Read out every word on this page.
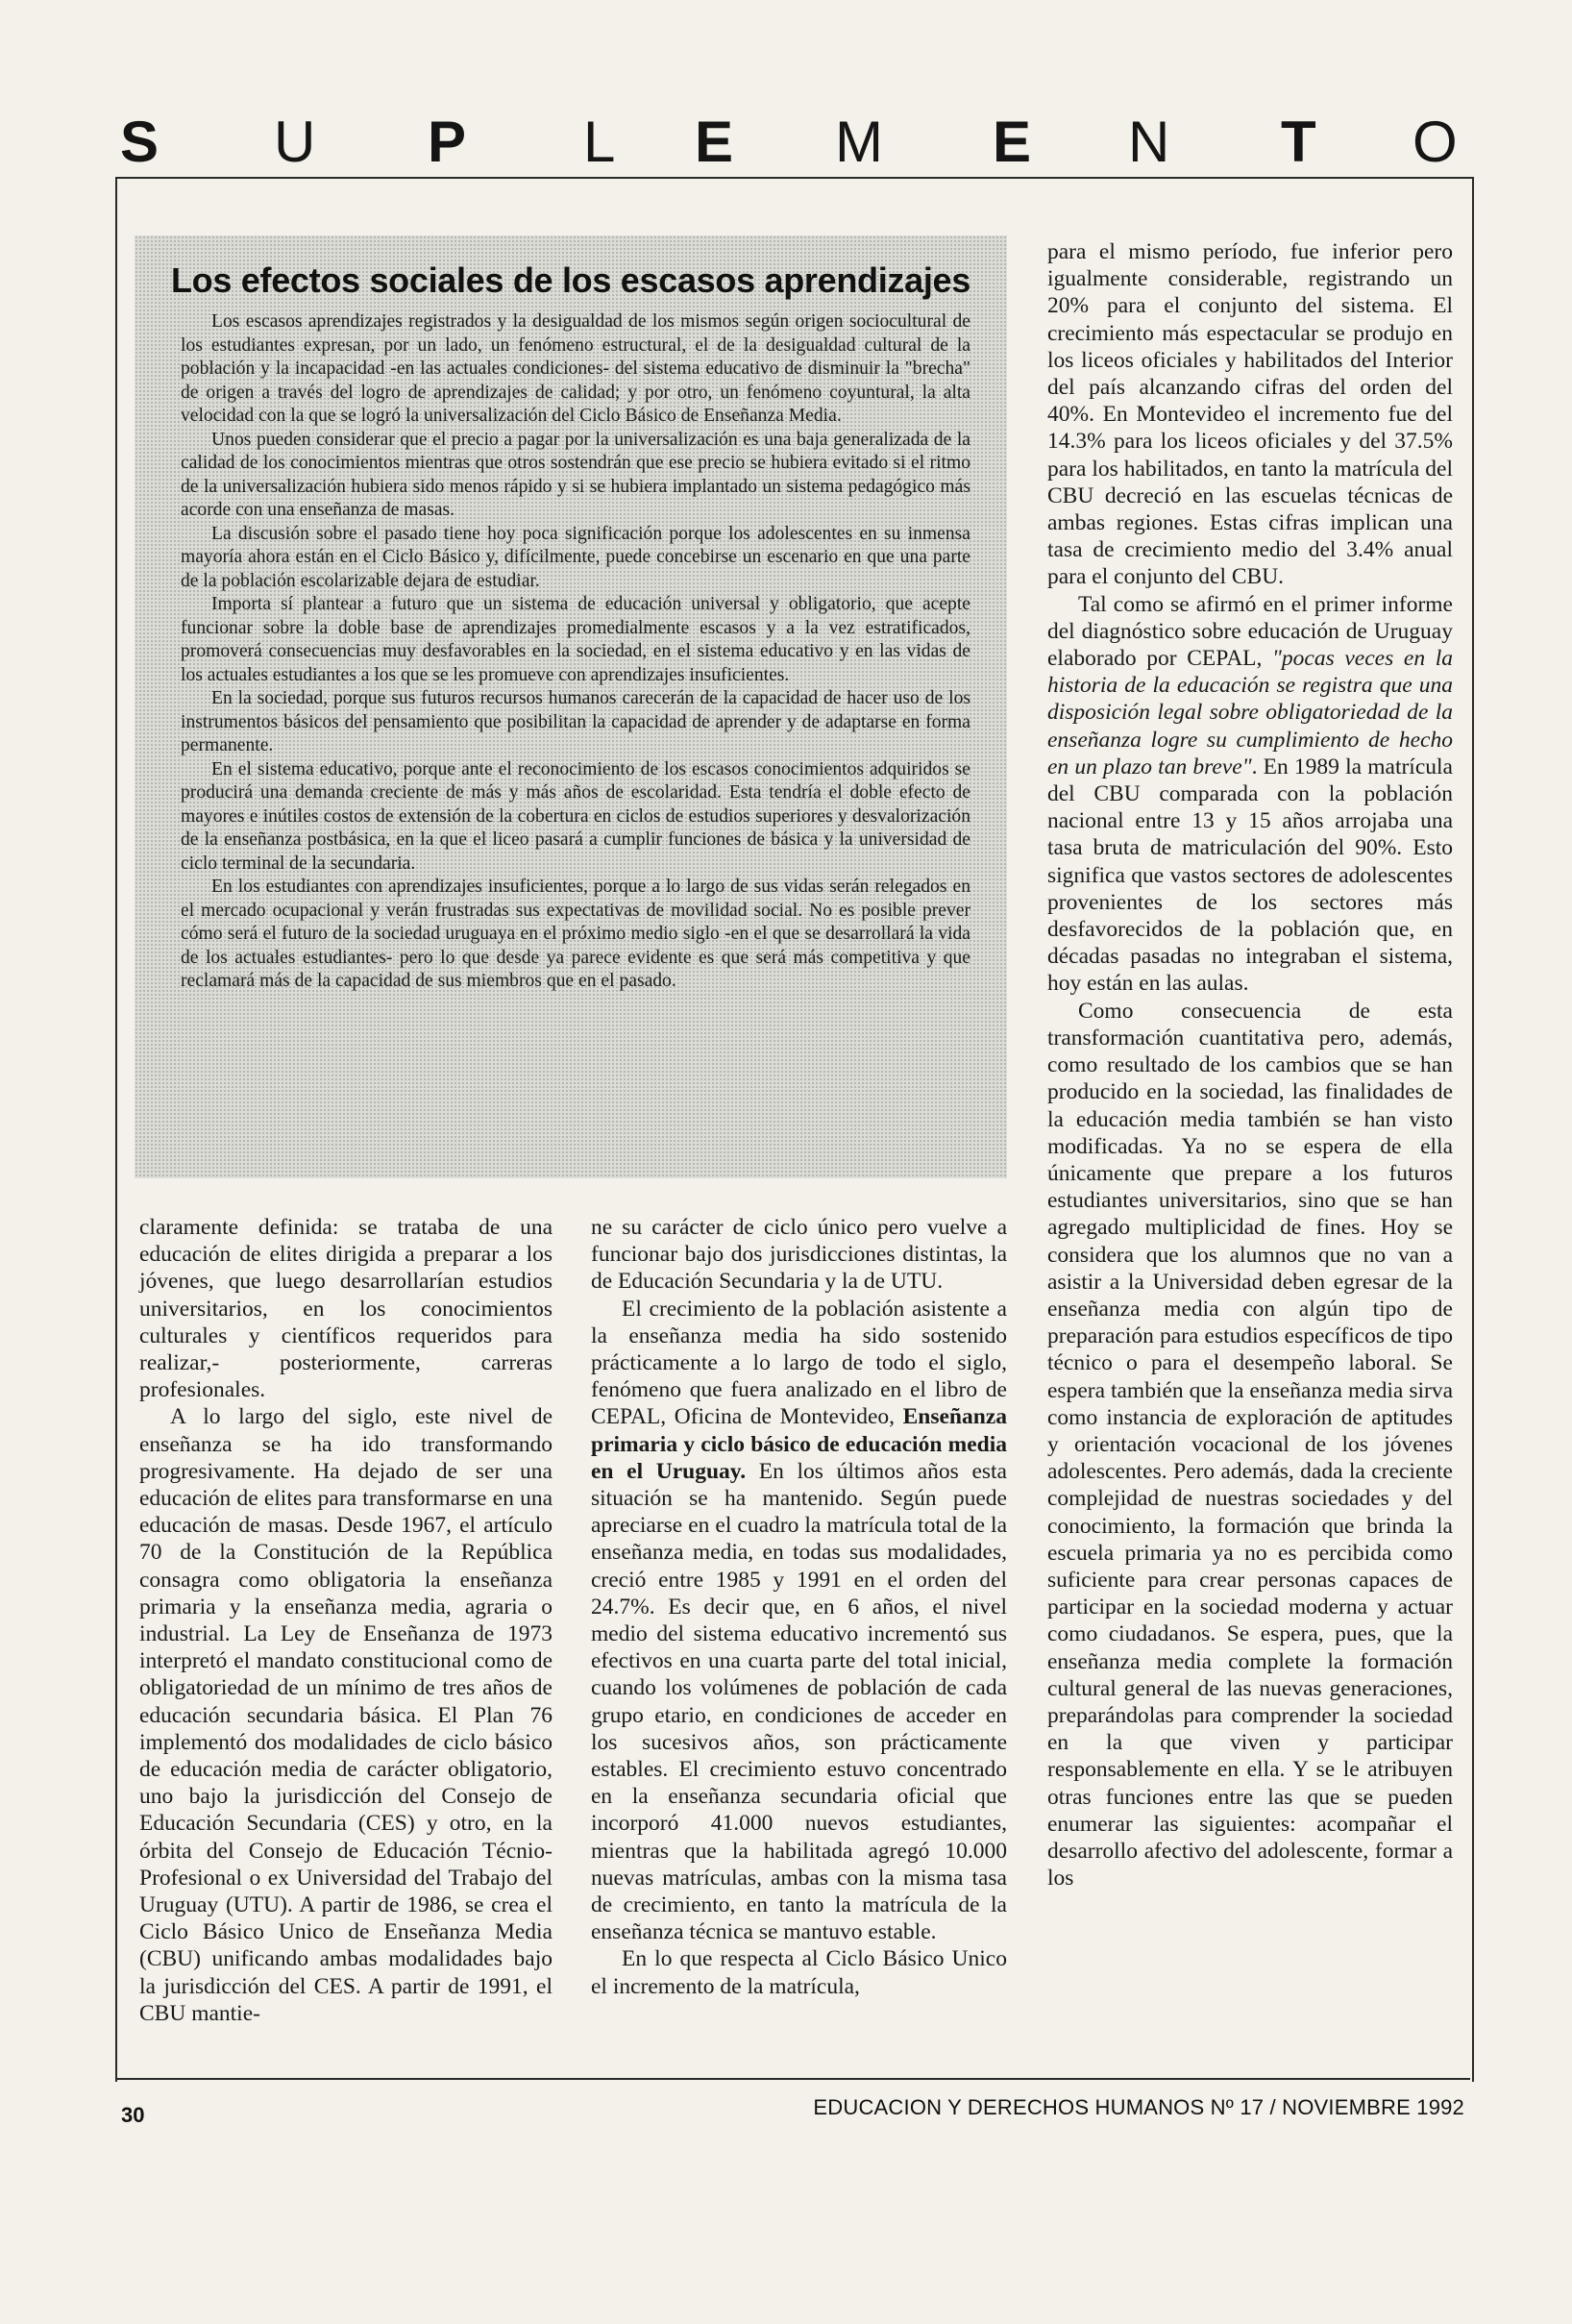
S U P L E M E N T O
Los efectos sociales de los escasos aprendizajes

Los escasos aprendizajes registrados y la desigualdad de los mismos según origen sociocultural de los estudiantes expresan, por un lado, un fenómeno estructural, el de la desigualdad cultural de la población y la incapacidad -en las actuales condiciones- del sistema educativo de disminuir la "brecha" de origen a través del logro de aprendizajes de calidad; y por otro, un fenómeno coyuntural, la alta velocidad con la que se logró la universalización del Ciclo Básico de Enseñanza Media.

Unos pueden considerar que el precio a pagar por la universalización es una baja generalizada de la calidad de los conocimientos mientras que otros sostendrán que ese precio se hubiera evitado si el ritmo de la universalización hubiera sido menos rápido y si se hubiera implantado un sistema pedagógico más acorde con una enseñanza de masas.

La discusión sobre el pasado tiene hoy poca significación porque los adolescentes en su inmensa mayoría ahora están en el Ciclo Básico y, difícilmente, puede concebirse un escenario en que una parte de la población escolarizable dejara de estudiar.

Importa sí plantear a futuro que un sistema de educación universal y obligatorio, que acepte funcionar sobre la doble base de aprendizajes promedialmente escasos y a la vez estratificados, promoverá consecuencias muy desfavorables en la sociedad, en el sistema educativo y en las vidas de los actuales estudiantes a los que se les promueve con aprendizajes insuficientes.

En la sociedad, porque sus futuros recursos humanos carecerán de la capacidad de hacer uso de los instrumentos básicos del pensamiento que posibilitan la capacidad de aprender y de adaptarse en forma permanente.

En el sistema educativo, porque ante el reconocimiento de los escasos conocimientos adquiridos se producirá una demanda creciente de más y más años de escolaridad. Esta tendría el doble efecto de mayores e inútiles costos de extensión de la cobertura en ciclos de estudios superiores y desvalorización de la enseñanza postbásica, en la que el liceo pasará a cumplir funciones de básica y la universidad de ciclo terminal de la secundaria.

En los estudiantes con aprendizajes insuficientes, porque a lo largo de sus vidas serán relegados en el mercado ocupacional y verán frustradas sus expectativas de movilidad social. No es posible prever cómo será el futuro de la sociedad uruguaya en el próximo medio siglo -en el que se desarrollará la vida de los actuales estudiantes- pero lo que desde ya parece evidente es que será más competitiva y que reclamará más de la capacidad de sus miembros que en el pasado.

claramente definida: se trataba de una educación de elites dirigida a preparar a los jóvenes, que luego desarrollarían estudios universitarios, en los conocimientos culturales y científicos requeridos para realizar,- posteriormente, carreras profesionales.

A lo largo del siglo, este nivel de enseñanza se ha ido transformando progresivamente. Ha dejado de ser una educación de elites para transformarse en una educación de masas. Desde 1967, el artículo 70 de la Constitución de la República consagra como obligatoria la enseñanza primaria y la enseñanza media, agraria o industrial. La Ley de Enseñanza de 1973 interpretó el mandato constitucional como de obligatoriedad de un mínimo de tres años de educación secundaria básica. El Plan 76 implementó dos modalidades de ciclo básico de educación media de carácter obligatorio, uno bajo la jurisdicción del Consejo de Educación Secundaria (CES) y otro, en la órbita del Consejo de Educación Técnio-Profesional o ex Universidad del Trabajo del Uruguay (UTU). A partir de 1986, se crea el Ciclo Básico Unico de Enseñanza Media (CBU) unificando ambas modalidades bajo la jurisdicción del CES. A partir de 1991, el CBU mantie-

ne su carácter de ciclo único pero vuelve a funcionar bajo dos jurisdicciones distintas, la de Educación Secundaria y la de UTU.

El crecimiento de la población asistente a la enseñanza media ha sido sostenido prácticamente a lo largo de todo el siglo, fenómeno que fuera analizado en el libro de CEPAL, Oficina de Montevideo, Enseñanza primaria y ciclo básico de educación media en el Uruguay. En los últimos años esta situación se ha mantenido. Según puede apreciarse en el cuadro la matrícula total de la enseñanza media, en todas sus modalidades, creció entre 1985 y 1991 en el orden del 24.7%. Es decir que, en 6 años, el nivel medio del sistema educativo incrementó sus efectivos en una cuarta parte del total inicial, cuando los volúmenes de población de cada grupo etario, en condiciones de acceder en los sucesivos años, son prácticamente estables. El crecimiento estuvo concentrado en la enseñanza secundaria oficial que incorporó 41.000 nuevos estudiantes, mientras que la habilitada agregó 10.000 nuevas matrículas, ambas con la misma tasa de crecimiento, en tanto la matrícula de la enseñanza técnica se mantuvo estable.

En lo que respecta al Ciclo Básico Unico el incremento de la matrícula,

para el mismo período, fue inferior pero igualmente considerable, registrando un 20% para el conjunto del sistema. El crecimiento más espectacular se produjo en los liceos oficiales y habilitados del Interior del país alcanzando cifras del orden del 40%. En Montevideo el incremento fue del 14.3% para los liceos oficiales y del 37.5% para los habilitados, en tanto la matrícula del CBU decreció en las escuelas técnicas de ambas regiones. Estas cifras implican una tasa de crecimiento medio del 3.4% anual para el conjunto del CBU.

Tal como se afirmó en el primer informe del diagnóstico sobre educación de Uruguay elaborado por CEPAL, "pocas veces en la historia de la educación se registra que una disposición legal sobre obligatoriedad de la enseñanza logre su cumplimiento de hecho en un plazo tan breve". En 1989 la matrícula del CBU comparada con la población nacional entre 13 y 15 años arrojaba una tasa bruta de matriculación del 90%. Esto significa que vastos sectores de adolescentes provenientes de los sectores más desfavorecidos de la población que, en décadas pasadas no integraban el sistema, hoy están en las aulas.

Como consecuencia de esta transformación cuantitativa pero, además, como resultado de los cambios que se han producido en la sociedad, las finalidades de la educación media también se han visto modificadas. Ya no se espera de ella únicamente que prepare a los futuros estudiantes universitarios, sino que se han agregado multiplicidad de fines. Hoy se considera que los alumnos que no van a asistir a la Universidad deben egresar de la enseñanza media con algún tipo de preparación para estudios específicos de tipo técnico o para el desempeño laboral. Se espera también que la enseñanza media sirva como instancia de exploración de aptitudes y orientación vocacional de los jóvenes adolescentes. Pero además, dada la creciente complejidad de nuestras sociedades y del conocimiento, la formación que brinda la escuela primaria ya no es percibida como suficiente para crear personas capaces de participar en la sociedad moderna y actuar como ciudadanos. Se espera, pues, que la enseñanza media complete la formación cultural general de las nuevas generaciones, preparándolas para comprender la sociedad en la que viven y participar responsablemente en ella. Y se le atribuyen otras funciones entre las que se pueden enumerar las siguientes: acompañar el desarrollo afectivo del adolescente, formar a los

30	EDUCACION Y DERECHOS HUMANOS Nº 17 / NOVIEMBRE 1992
